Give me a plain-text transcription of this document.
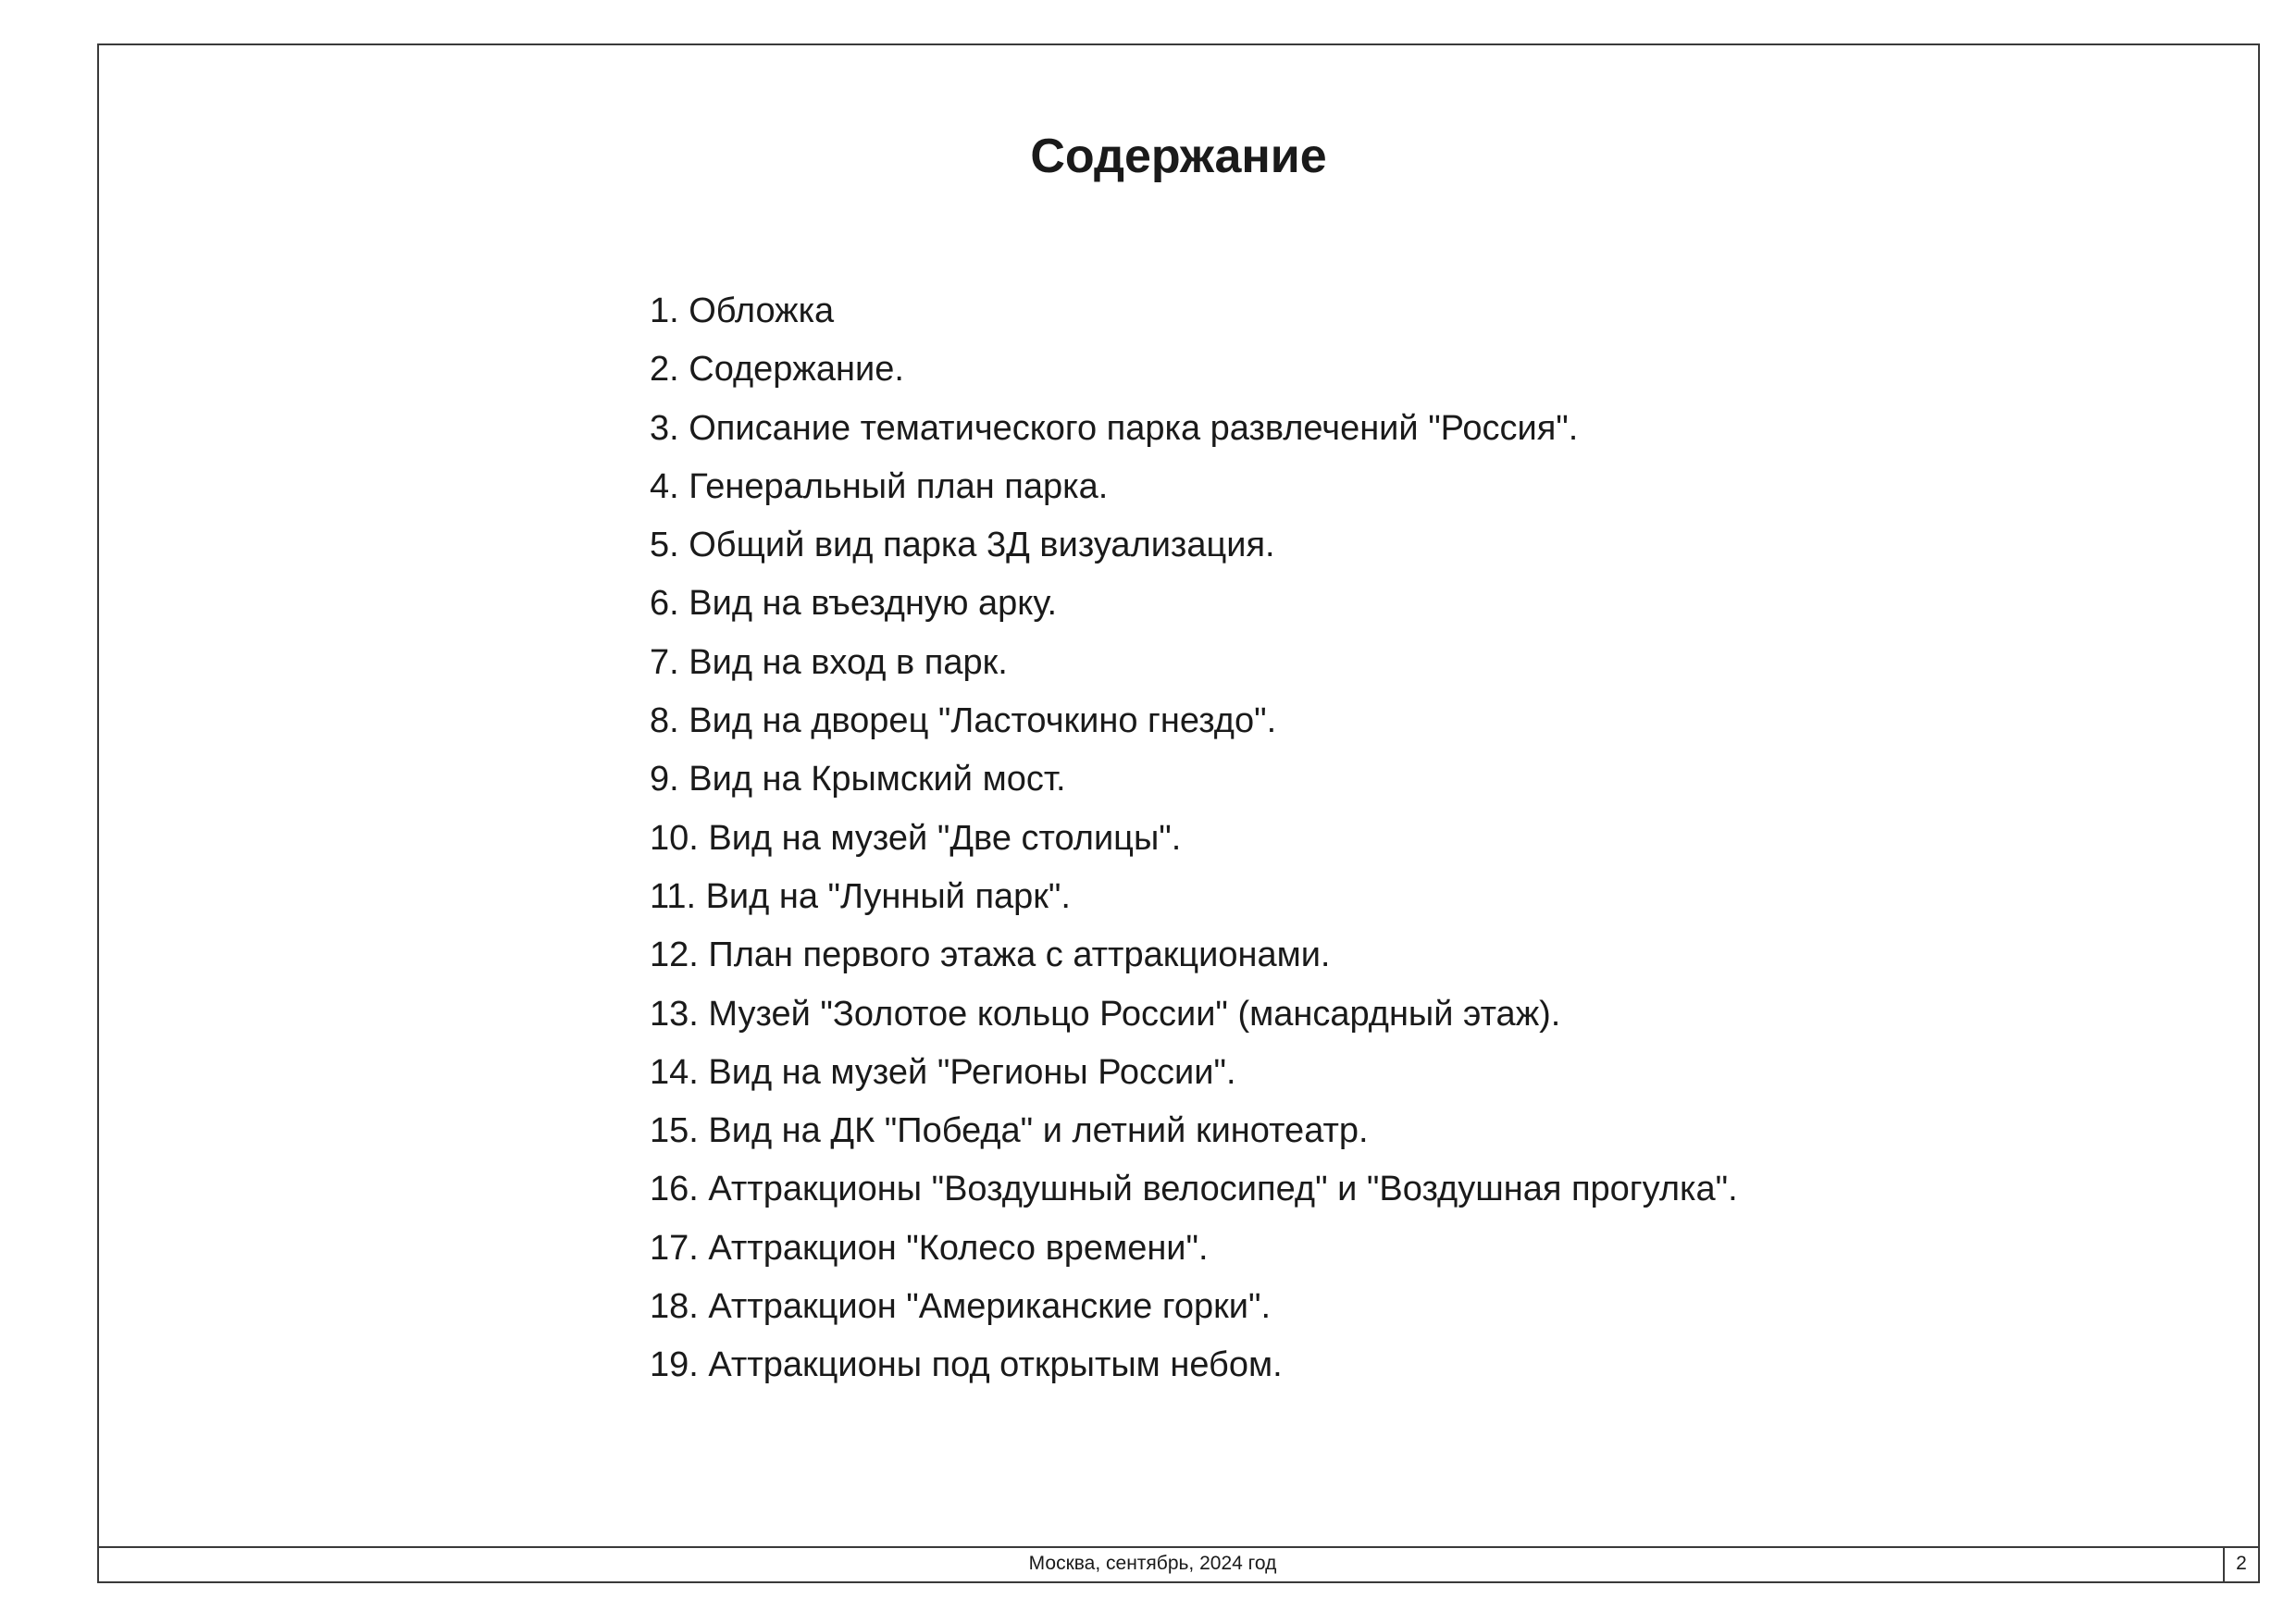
Содержание
1. Обложка
2. Содержание.
3. Описание тематического парка развлечений "Россия".
4. Генеральный план парка.
5. Общий вид парка 3Д визуализация.
6. Вид на въездную арку.
7. Вид на вход в парк.
8. Вид на дворец "Ласточкино гнездо".
9. Вид на Крымский мост.
10. Вид на музей "Две столицы".
11. Вид на "Лунный парк".
12. План первого этажа с аттракционами.
13. Музей "Золотое кольцо России" (мансардный этаж).
14. Вид на музей "Регионы России".
15. Вид на ДК "Победа" и летний кинотеатр.
16. Аттракционы "Воздушный велосипед" и "Воздушная прогулка".
17. Аттракцион "Колесо времени".
18. Аттракцион "Американские горки".
19. Аттракционы под открытым небом.
Москва, сентябрь, 2024 год	2
